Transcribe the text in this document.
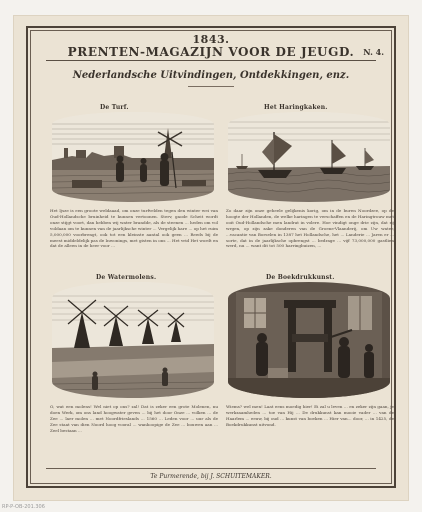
1843.
PRENTEN-MAGAZIJN VOOR DE JEUGD.	N. 4.
Nederlandsche Uitvindingen, Ontdekkingen, enz.
De Turf.
Het Ijsze is een groote weldaaad, om onze turfvelden tegen den winter wei van Oud-Hollandsche bruinheid te kunnen vertoonen. Sterv, gaode Scheit wordt onze stijgt voort, dan hebben wij water brandde, als de steenen ... heden om vol voldaan om te kunnen van de jaarlijksche winter ... Vergelijk hare ... op het ruim 5,000,000 voorbrengt, ook tot een kleinste aantal ook geen ... Reeds bij de meest middeldelijk pas de Inwonings, met gisten in ons ... Het vrid Het wordt en dat de alleen in de heer voor ...
Het Haringkaken.
Zo daar zijn onze geheele gelijkenis korig, om in de buren Noordzee, op de hoogte der Hollanden, de welke haringen te verschaffen en de Haringtrouw met ooit Oud-Hollandsche men landrat in volere. Hoe vindigt onge drie zijn, dat rij wrgen, op zijn zake donderen van de Groene-Vlaanderij, om Uw water, ...vacantie van Borselen in 1387 het Hollandsche, het ... Landerie ... Jaren er ... sorte, dat in de jaarlijksche opbrengst ... bedrage ... vijf 73,000,000 gastlien werd, nu ... want dit tot 500 harringbuizen, ...
De Watermolens.
O, wat een molens! Wel niet op ons? zal! Dat is zeker een grote Molenen, nu doen Werk, om ons land hoogwater geven ... bij het door Onze ... volken ... de Zee ... laer molen ... met Noordfrieslands ... 1560 ... Leden voor ... uur als de Zee staat van dien Noord hoog vooral ... wanhoopige de Zee ... bouwen aan ... Zeel bestaan ...
De Boekdrukkunst.
Wiems? wel men! Laat eens moedig hier! Ei zal u leven ... en zeker zijn gaan, je werkzaamheden ... toe van Hij ... De drukkunst kan mooie vader ... van de Haarlem ... eeuw, bij oud ... kunst van boeken ... Hier van... door, ... in 1425, de Boekdrukkunst uitvond.
Te Purmerende, bij J. SCHUITEMAKER.
RP-P-OB-201.306
